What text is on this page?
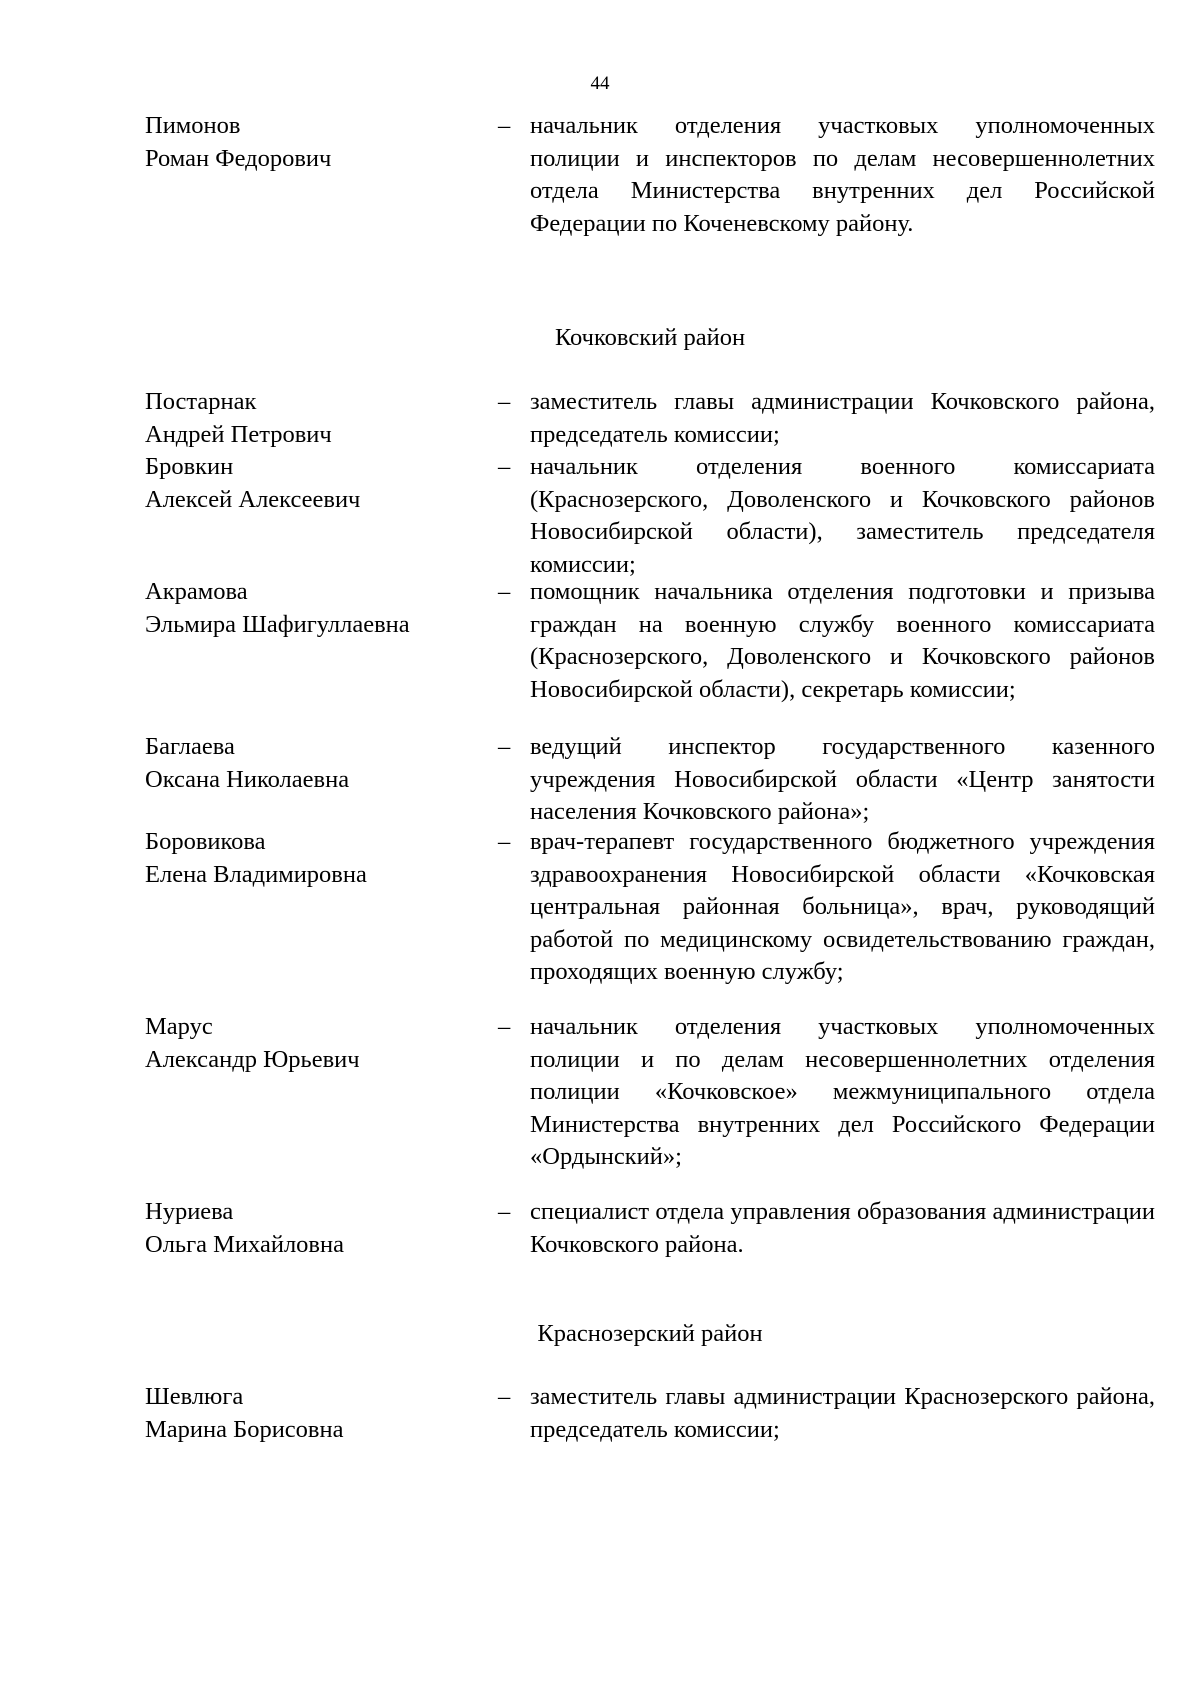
44
Пимонов
Роман Федорович
– начальник отделения участковых уполномоченных полиции и инспекторов по делам несовершеннолетних отдела Министерства внутренних дел Российской Федерации по Коченевскому району.
Кочковский район
Постарнак
Андрей Петрович
– заместитель главы администрации Кочковского района, председатель комиссии;
Бровкин
Алексей Алексеевич
– начальник отделения военного комиссариата (Краснозерского, Доволенского и Кочковского районов Новосибирской области), заместитель председателя комиссии;
Акрамова
Эльмира Шафигуллаевна
– помощник начальника отделения подготовки и призыва граждан на военную службу военного комиссариата (Краснозерского, Доволенского и Кочковского районов Новосибирской области), секретарь комиссии;
Баглаева
Оксана Николаевна
– ведущий инспектор государственного казенного учреждения Новосибирской области «Центр занятости населения Кочковского района»;
Боровикова
Елена Владимировна
– врач-терапевт государственного бюджетного учреждения здравоохранения Новосибирской области «Кочковская центральная районная больница», врач, руководящий работой по медицинскому освидетельствованию граждан, проходящих военную службу;
Марус
Александр Юрьевич
– начальник отделения участковых уполномоченных полиции и по делам несовершеннолетних отделения полиции «Кочковское» межмуниципального отдела Министерства внутренних дел Российского Федерации «Ордынский»;
Нуриева
Ольга Михайловна
– специалист отдела управления образования администрации Кочковского района.
Краснозерский район
Шевлюга
Марина Борисовна
– заместитель главы администрации Краснозерского района, председатель комиссии;
